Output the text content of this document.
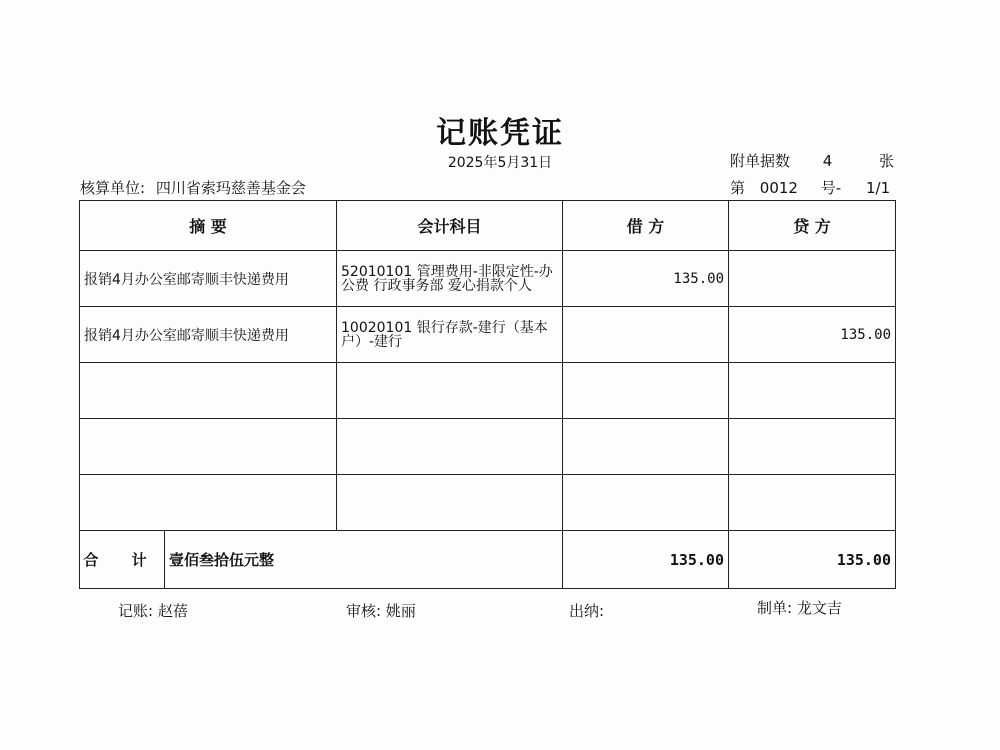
记账凭证
2025年5月31日	附单据数 4	张
核算单位: 四川省索玛慈善基金会	第 0012 号- 1/1
摘 要	会计科目	借 方	贷 方
报销4月办公室邮寄顺丰快递费用	52010101 管理费用-非限定性-办公费 行政事务部 爱心捐款个人	135.00	
报销4月办公室邮寄顺丰快递费用	10020101 银行存款-建行（基本户）-建行		135.00

合 计 壹佰叁拾伍元整		135.00	135.00
记账: 赵蓓	审核: 姚丽	出纳:	制单: 龙文吉
